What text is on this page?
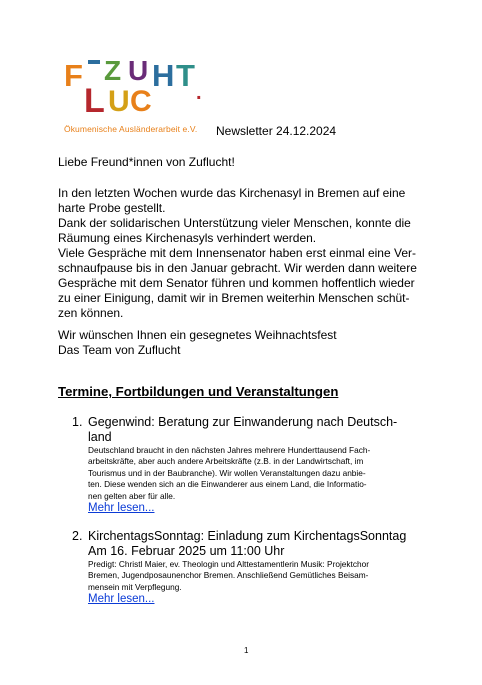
Z U
F H T .
L U C
Ökumenische Ausländerarbeit e.V. Newsletter 24.12.2024
Liebe Freund*innen von Zuflucht!
In den letzten Wochen wurde das Kirchenasyl in Bremen auf eine
harte Probe gestellt.
Dank der solidarischen Unterstützung vieler Menschen, konnte die
Räumung eines Kirchenasyls verhindert werden.
Viele Gespräche mit dem Innensenator haben erst einmal eine Ver-
schnaufpause bis in den Januar gebracht. Wir werden dann weitere
Gespräche mit dem Senator führen und kommen hoffentlich wieder
zu einer Einigung, damit wir in Bremen weiterhin Menschen schüt-
zen können.
Wir wünschen Ihnen ein gesegnetes Weihnachtsfest
Das Team von Zuflucht
Termine, Fortbildungen und Veranstaltungen
1. Gegenwind: Beratung zur Einwanderung nach Deutsch-
land
Deutschland braucht in den nächsten Jahres mehrere Hunderttausend Fach-
arbeitskräfte, aber auch andere Arbeitskräfte (z.B. in der Landwirtschaft, im
Tourismus und in der Baubranche). Wir wollen Veranstaltungen dazu anbie-
ten. Diese wenden sich an die Einwanderer aus einem Land, die Informatio-
nen gelten aber für alle.
Mehr lesen...
2. KirchentagsSonntag: Einladung zum KirchentagsSonntag
Am 16. Februar 2025 um 11:00 Uhr
Predigt: Christl Maier, ev. Theologin und Alttestamentlerin Musik: Projektchor
Bremen, Jugendposaunenchor Bremen. Anschließend Gemütliches Beisam-
mensein mit Verpflegung.
Mehr lesen...
1
